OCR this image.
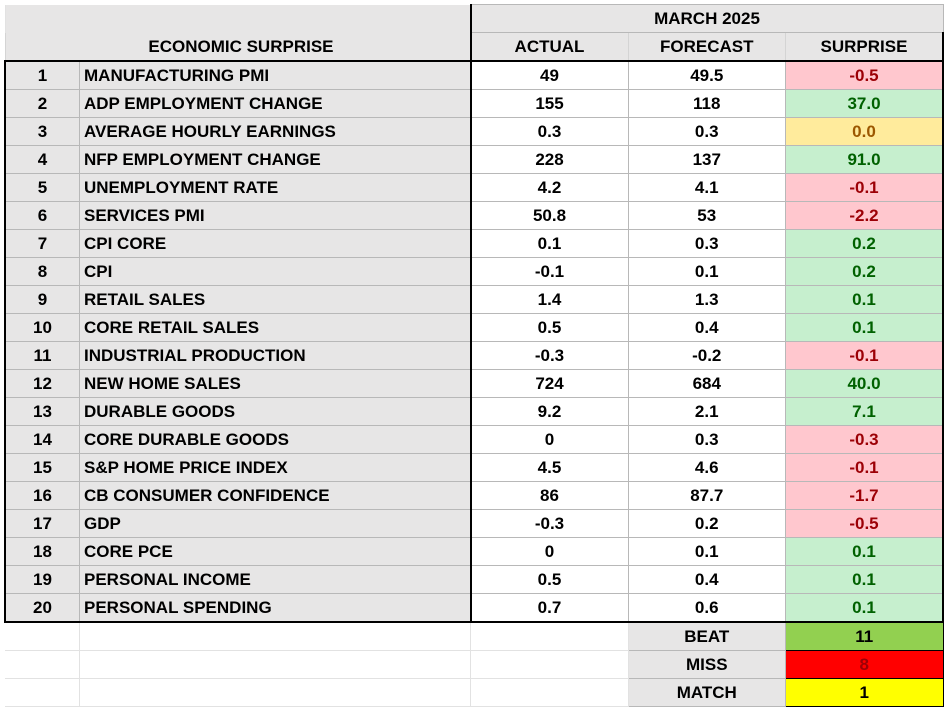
		MARCH 2025		
ECONOMIC SURPRISE		ACTUAL	FORECAST	SURPRISE
1	MANUFACTURING PMI	49	49.5	-0.5
2	ADP EMPLOYMENT CHANGE	155	118	37.0
3	AVERAGE HOURLY EARNINGS	0.3	0.3	0.0
4	NFP EMPLOYMENT CHANGE	228	137	91.0
5	UNEMPLOYMENT RATE	4.2	4.1	-0.1
6	SERVICES PMI	50.8	53	-2.2
7	CPI CORE	0.1	0.3	0.2
8	CPI	-0.1	0.1	0.2
9	RETAIL SALES	1.4	1.3	0.1
10	CORE RETAIL SALES	0.5	0.4	0.1
11	INDUSTRIAL PRODUCTION	-0.3	-0.2	-0.1
12	NEW HOME SALES	724	684	40.0
13	DURABLE GOODS	9.2	2.1	7.1
14	CORE DURABLE GOODS	0	0.3	-0.3
15	S&P HOME PRICE INDEX	4.5	4.6	-0.1
16	CB CONSUMER CONFIDENCE	86	87.7	-1.7
17	GDP	-0.3	0.2	-0.5
18	CORE PCE	0	0.1	0.1
19	PERSONAL INCOME	0.5	0.4	0.1
20	PERSONAL SPENDING	0.7	0.6	0.1
			BEAT	11
			MISS	8
			MATCH	1
